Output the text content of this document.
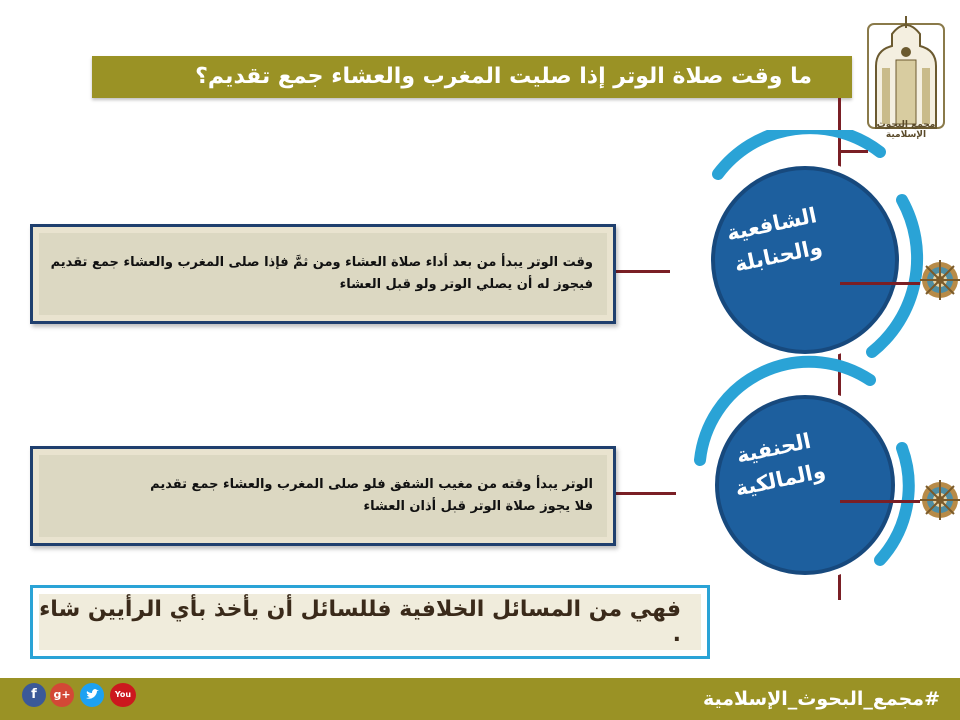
ما وقت صلاة الوتر إذا صليت المغرب والعشاء جمع تقديم؟
مجمع البحوث الإسلامية
الشافعية
والحنابلة
الحنفية
والمالكية
وقت الوتر يبدأ من بعد أداء صلاة العشاء ومن ثمَّ فإذا صلى المغرب والعشاء جمع تقديم
فيجوز له أن يصلي الوتر ولو قبل العشاء
الوتر يبدأ وقته من مغيب الشفق فلو صلى المغرب والعشاء جمع تقديم
فلا يجوز صلاة الوتر قبل أذان العشاء
فهي من المسائل الخلافية فللسائل أن يأخذ بأي الرأيين شاء .
#مجمع_البحوث_الإسلامية
f	g+	You
